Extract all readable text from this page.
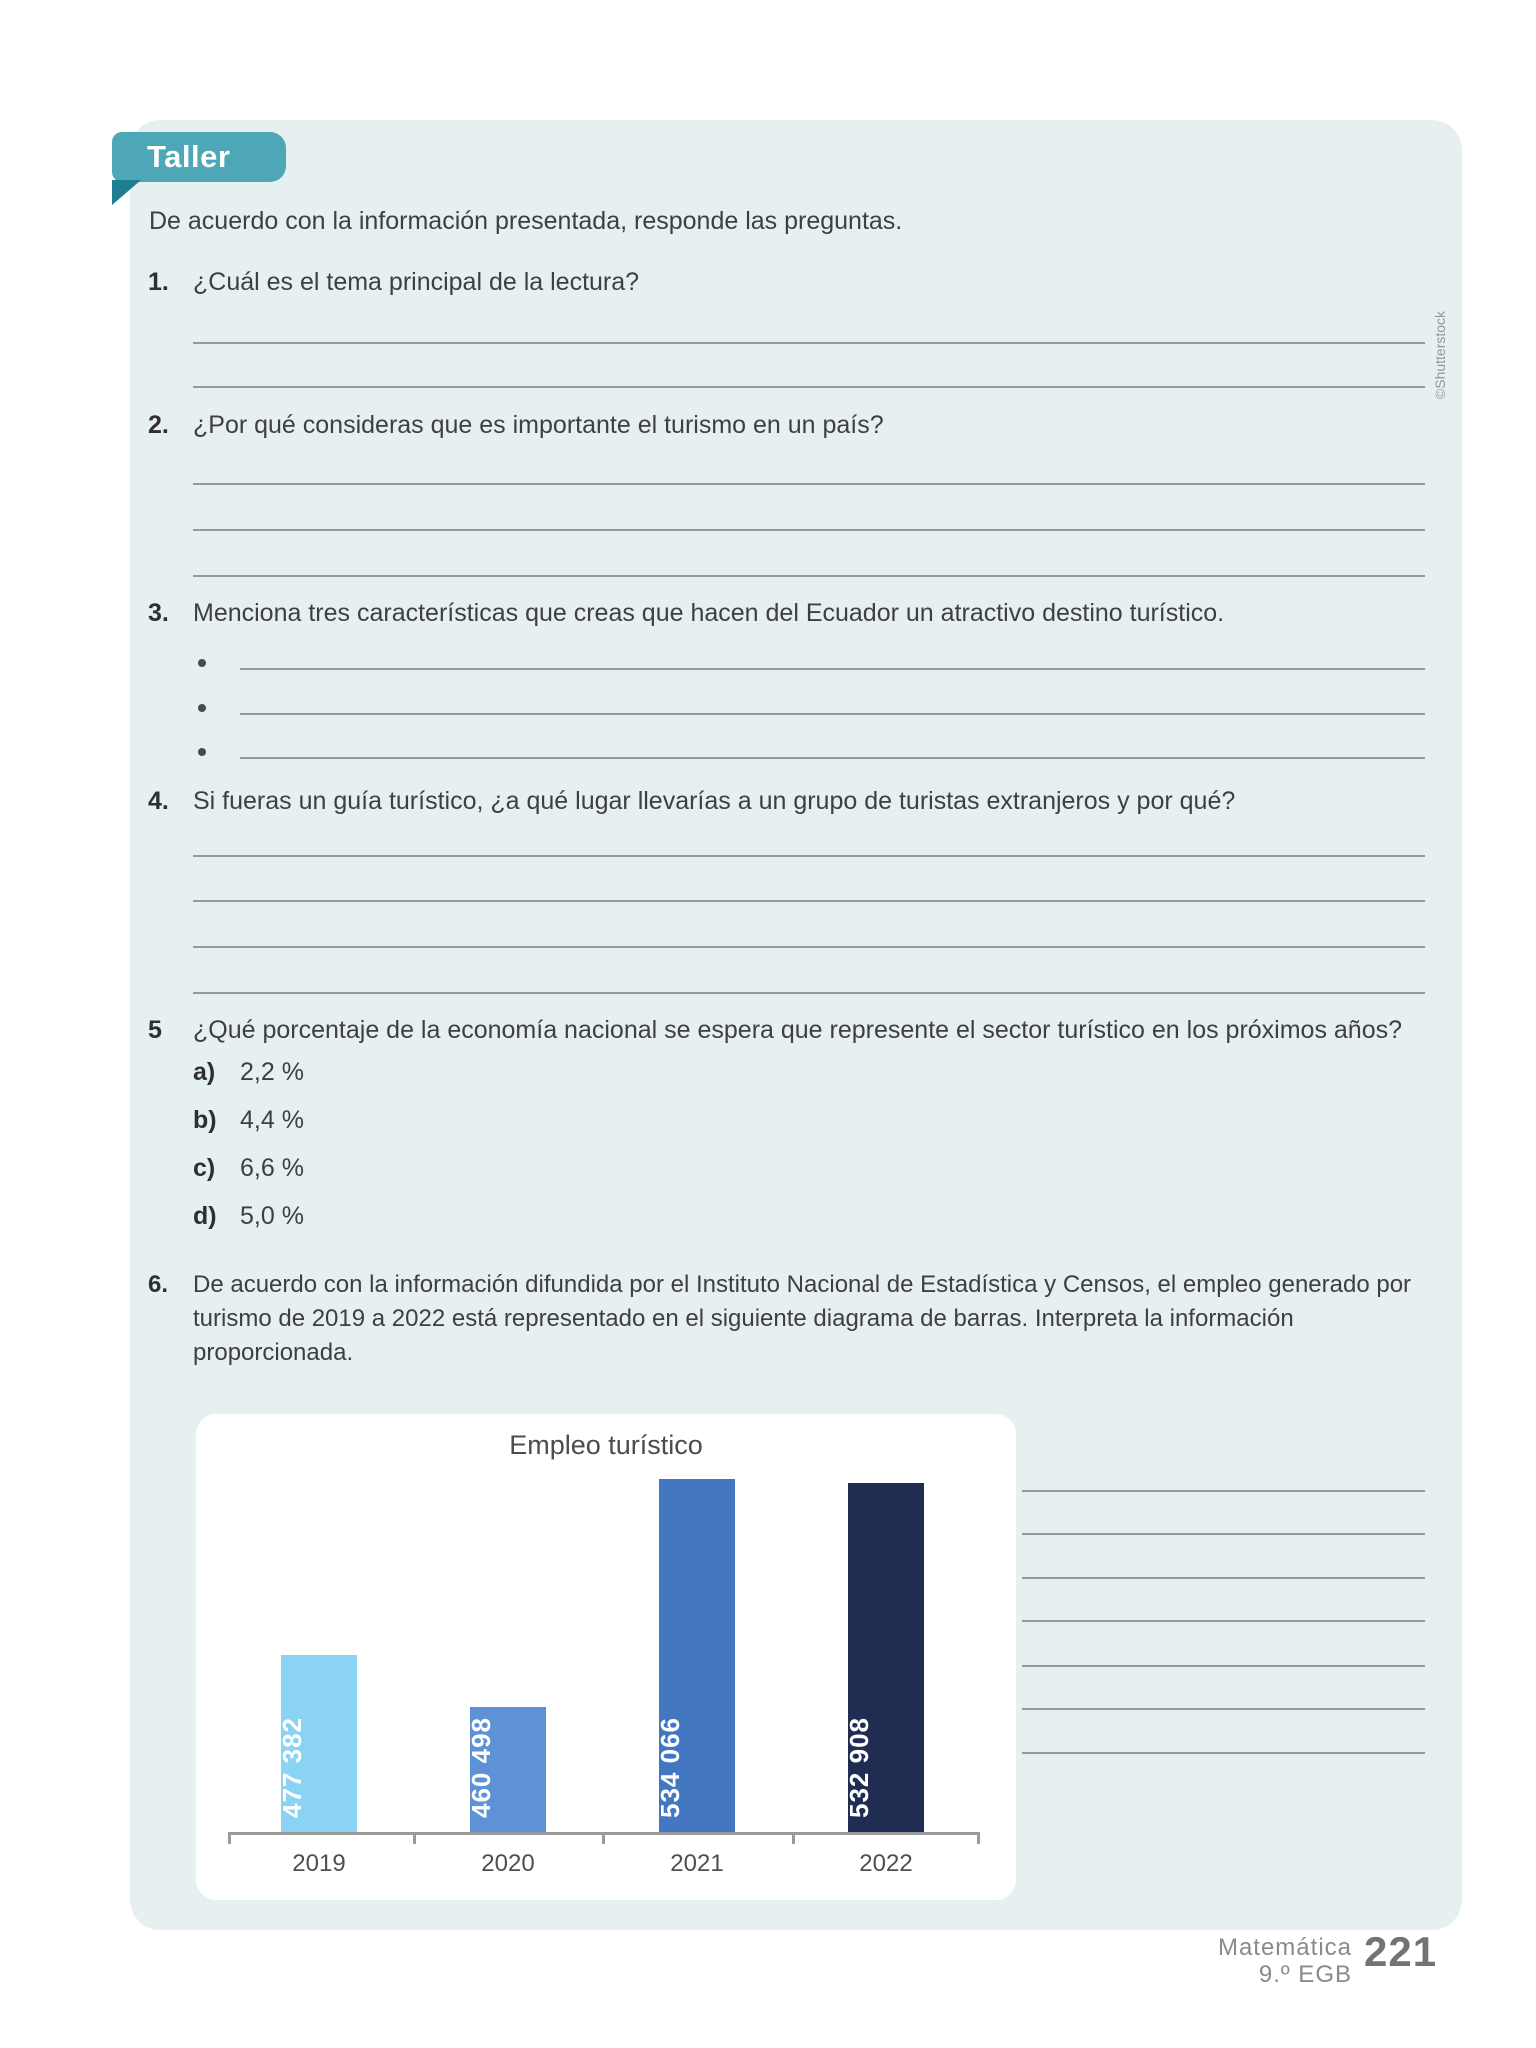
Taller
©Shutterstock
De acuerdo con la información presentada, responde las preguntas.
1. ¿Cuál es el tema principal de la lectura?
2. ¿Por qué consideras que es importante el turismo en un país?
3. Menciona tres características que creas que hacen del Ecuador un atractivo destino turístico.
4. Si fueras un guía turístico, ¿a qué lugar llevarías a un grupo de turistas extranjeros y por qué?
5	¿Qué porcentaje de la economía nacional se espera que represente el sector turístico en los próximos años?
a) 2,2 %
b) 4,4 %
c) 6,6 %
d) 5,0 %
6.	De acuerdo con la información difundida por el Instituto Nacional de Estadística y Censos, el empleo generado por turismo de 2019 a 2022 está representado en el siguiente diagrama de barras. Interpreta la información proporcionada.
Empleo turístico
477 382	460 498	534 066	532 908
2019	2020	2021	2022
Matemática
9.º EGB 221
